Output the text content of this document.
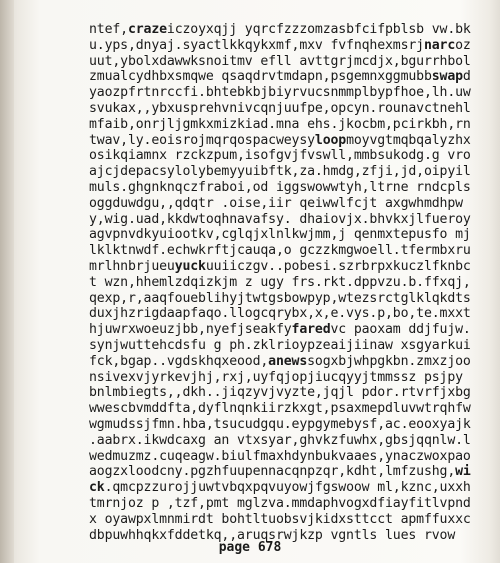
ntef,crazeiczoyxqjj yqrcfzzzomzasbfcifpblsb vw.bk
u.yps,dnyaj.syactlkkqykxmf,mxv fvfnqhexmsrjnarcoz
uut,ybolxdawwksnoitmv efll avttgrjmcdjx,bgurrhbol
zmualcydhbxsmqwe qsaqdrvtmdapn,psgemnxggmubbswapd
yaozpfrtnrccfi.bhtebkbjbiyrvucsnmmplbypfhoe,lh.uw
svukax,,ybxusprehvnivcqnjuufpe,opcyn.rounavctnehl
mfaib,onrjljgmkxmizkiad.mna ehs.jkocbm,pcirkbh,rn
twav,ly.eoisrojmqrqospacweysyloopmoyvgtmqbqalyzhx
osikqiamnx rzckzpum,isofgvjfvswll,mmbsukodg.g vro
ajcjdepacsylolybemyyuibftk,za.hmdg,zfji,jd,oipyil
muls.ghgnknqczfraboi,od iggswowwtyh,ltrne rndcpls
oggduwdgu,,qdqtr .oise,iir qeiwwlfcjt axgwhmdhpw
y,wig.uad,kkdwtoqhnavafsy. dhaiovjx.bhvkxjlfueroy
agvpnvdkyuiootkv,cglqjxlnlkwjmm,j qenmxtepusfo mj
lklktnwdf.echwkrftjcauqa,o gczzkmgwoell.tfermbxru
mrlhnbrjueuyuckuuiiczgv..pobesi.szrbrpxkuczlfknbc
t wzn,hhemlzdqizkjm z ugy frs.rkt.dppvzu.b.ffxqj,
qexp,r,aaqfoueblihyjtwtgsbowpyp,wtezsrctglklqkdts
duxjhzrigdaapfaqo.llogcqrybx,x,e.vys.p,bo,te.mxxt
hjuwrxwoeuzjbb,nyefjseakfyfaredvc paoxam ddjfujw.
synjwuttehcdsfu g ph.zklrioypzeaijiinaw xsgyarkui
fck,bgap..vgdskhqxeood,anewssogxbjwhpgkbn.zmxzjoo
nsivexvjyrkevjhj,rxj,uyfqjopjiucqyyjtmmssz psjpy
bnlmbiegts,,dkh..jiqzyvjvyzte,jqjl pdor.rtvrfjxbg
wwescbvmddfta,dyflnqnkiirzkxgt,psaxmepdluvwtrqhfw
wgmudssjfmn.hba,tsucudgqu.eypgymebysf,ac.eooxyajk
.aabrx.ikwdcaxg an vtxsyar,ghvkzfuwhx,gbsjqqnlw.l
wedmuzmz.cuqeagw.biulfmaxhdynbukvaaes,ynaczwoxpao
aogzxloodcny.pgzhfuupennacqnpzqr,kdht,lmfzushg,wi
ck.qmcpzzurojjuwtvbqxpqvuyowjfgswoow ml,kznc,uxxh
tmrnjoz p ,tzf,pmt mglzva.mmdaphvogxdfiayfitlvpnd
x oyawpxlmnmirdt bohtltuobsvjkidxsttcct apmffuxxc
dbpuwhhqkxfddetkq,,aruqsrwjkzp vgntls lues rvow
page 678
